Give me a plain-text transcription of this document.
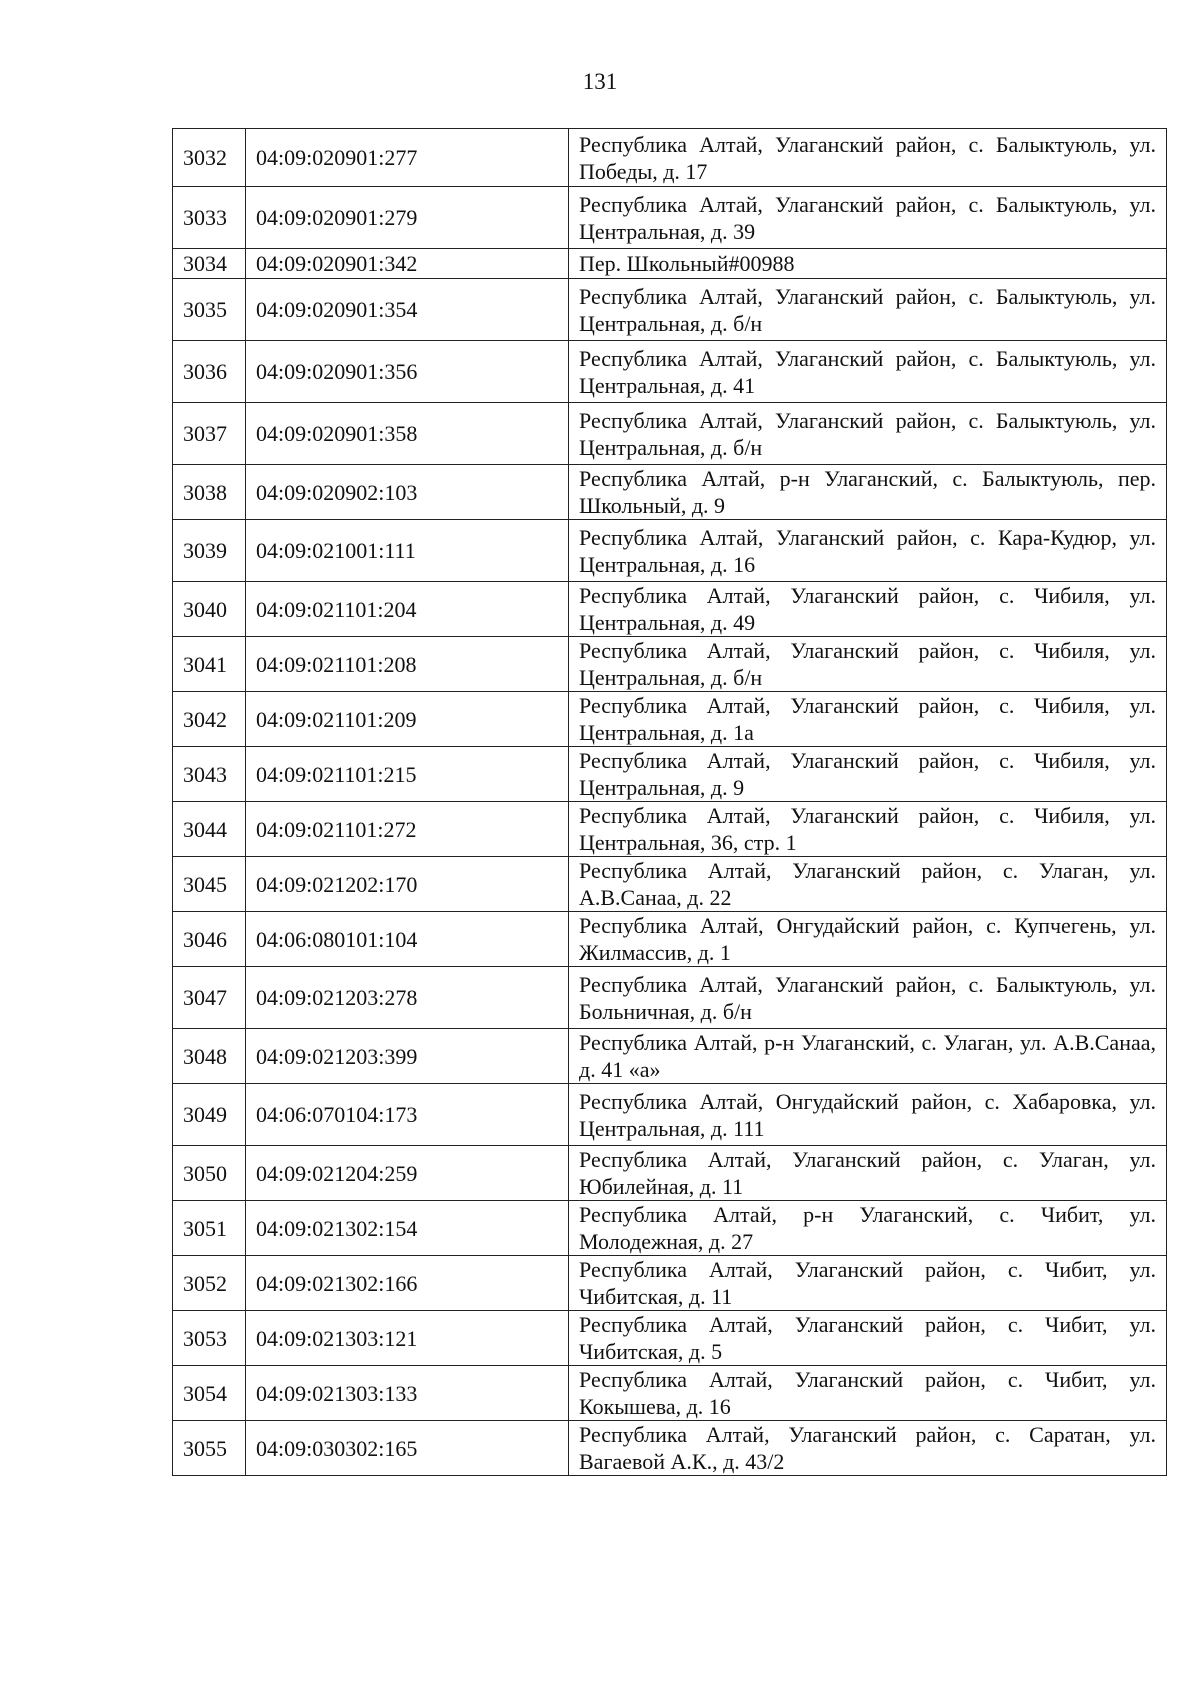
131
3032	04:09:020901:277	Республика Алтай, Улаганский район, с. Балыктуюль, ул. Победы, д. 17
3033	04:09:020901:279	Республика Алтай, Улаганский район, с. Балыктуюль, ул. Центральная, д. 39
3034	04:09:020901:342	Пер. Школьный#00988
3035	04:09:020901:354	Республика Алтай, Улаганский район, с. Балыктуюль, ул. Центральная, д. б/н
3036	04:09:020901:356	Республика Алтай, Улаганский район, с. Балыктуюль, ул. Центральная, д. 41
3037	04:09:020901:358	Республика Алтай, Улаганский район, с. Балыктуюль, ул. Центральная, д. б/н
3038	04:09:020902:103	Республика Алтай, р-н Улаганский, с. Балыктуюль, пер. Школьный, д. 9
3039	04:09:021001:111	Республика Алтай, Улаганский район, с. Кара-Кудюр, ул. Центральная, д. 16
3040	04:09:021101:204	Республика Алтай, Улаганский район, с. Чибиля, ул. Центральная, д. 49
3041	04:09:021101:208	Республика Алтай, Улаганский район, с. Чибиля, ул. Центральная, д. б/н
3042	04:09:021101:209	Республика Алтай, Улаганский район, с. Чибиля, ул. Центральная, д. 1а
3043	04:09:021101:215	Республика Алтай, Улаганский район, с. Чибиля, ул. Центральная, д. 9
3044	04:09:021101:272	Республика Алтай, Улаганский район, с. Чибиля, ул. Центральная, 36, стр. 1
3045	04:09:021202:170	Республика Алтай, Улаганский район, с. Улаган, ул. А.В.Санаа, д. 22
3046	04:06:080101:104	Республика Алтай, Онгудайский район, с. Купчегень, ул. Жилмассив, д. 1
3047	04:09:021203:278	Республика Алтай, Улаганский район, с. Балыктуюль, ул. Больничная, д. б/н
3048	04:09:021203:399	Республика Алтай, р-н Улаганский, с. Улаган, ул. А.В.Санаа, д. 41 «а»
3049	04:06:070104:173	Республика Алтай, Онгудайский район, с. Хабаровка, ул. Центральная, д. 111
3050	04:09:021204:259	Республика Алтай, Улаганский район, с. Улаган, ул. Юбилейная, д. 11
3051	04:09:021302:154	Республика Алтай, р-н Улаганский, с. Чибит, ул. Молодежная, д. 27
3052	04:09:021302:166	Республика Алтай, Улаганский район, с. Чибит, ул. Чибитская, д. 11
3053	04:09:021303:121	Республика Алтай, Улаганский район, с. Чибит, ул. Чибитская, д. 5
3054	04:09:021303:133	Республика Алтай, Улаганский район, с. Чибит, ул. Кокышева, д. 16
3055	04:09:030302:165	Республика Алтай, Улаганский район, с. Саратан, ул. Вагаевой А.К., д. 43/2
